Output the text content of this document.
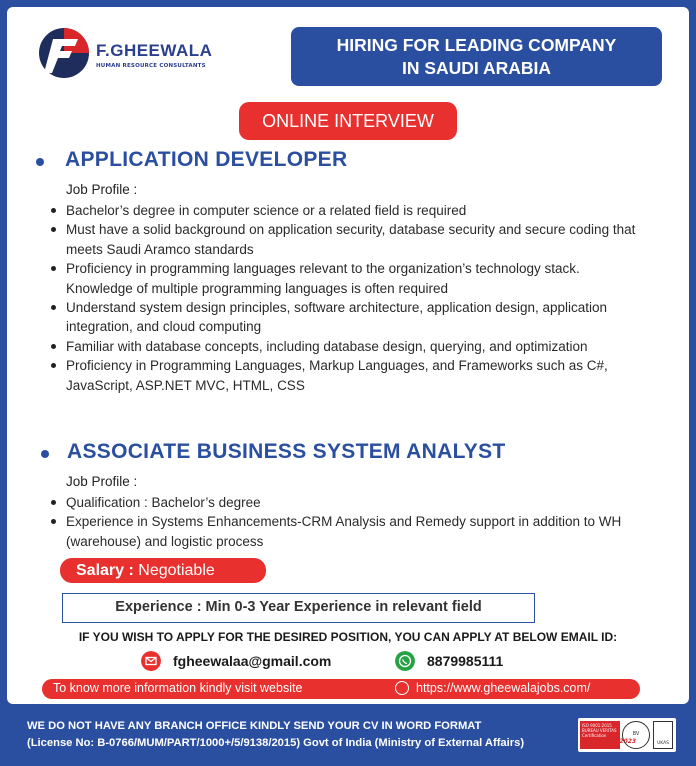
F.GHEEWALA
HUMAN RESOURCE CONSULTANTS
HIRING FOR LEADING COMPANY
IN SAUDI ARABIA
ONLINE INTERVIEW
APPLICATION DEVELOPER
Job Profile :
Bachelor’s degree in computer science or a related field is required
Must have a solid background on application security, database security and secure coding that meets Saudi Aramco standards
Proficiency in programming languages relevant to the organization’s technology stack. Knowledge of multiple programming languages is often required
Understand system design principles, software architecture, application design, application integration, and cloud computing
Familiar with database concepts, including database design, querying, and optimization
Proficiency in Programming Languages, Markup Languages, and Frameworks such as C#, JavaScript, ASP.NET MVC, HTML, CSS
ASSOCIATE BUSINESS SYSTEM ANALYST
Job Profile :
Qualification : Bachelor’s degree
Experience in Systems Enhancements-CRM Analysis and Remedy support in addition to WH (warehouse) and logistic process
Salary : Negotiable
Experience : Min 0-3 Year Experience in relevant field
IF YOU WISH TO APPLY FOR THE DESIRED POSITION, YOU CAN APPLY AT BELOW EMAIL ID:
fgheewalaa@gmail.com	8879985111
To know more information kindly visit website	https://www.gheewalajobs.com/
WE DO NOT HAVE ANY BRANCH OFFICE KINDLY SEND YOUR CV IN WORD FORMAT
(License No: B-0766/MUM/PART/1000+/5/9138/2015) Govt of India (Ministry of External Affairs)
ISO 9001:2015
BUREAU VERITAS Certification
Apr. 2023
BV
UKAS
